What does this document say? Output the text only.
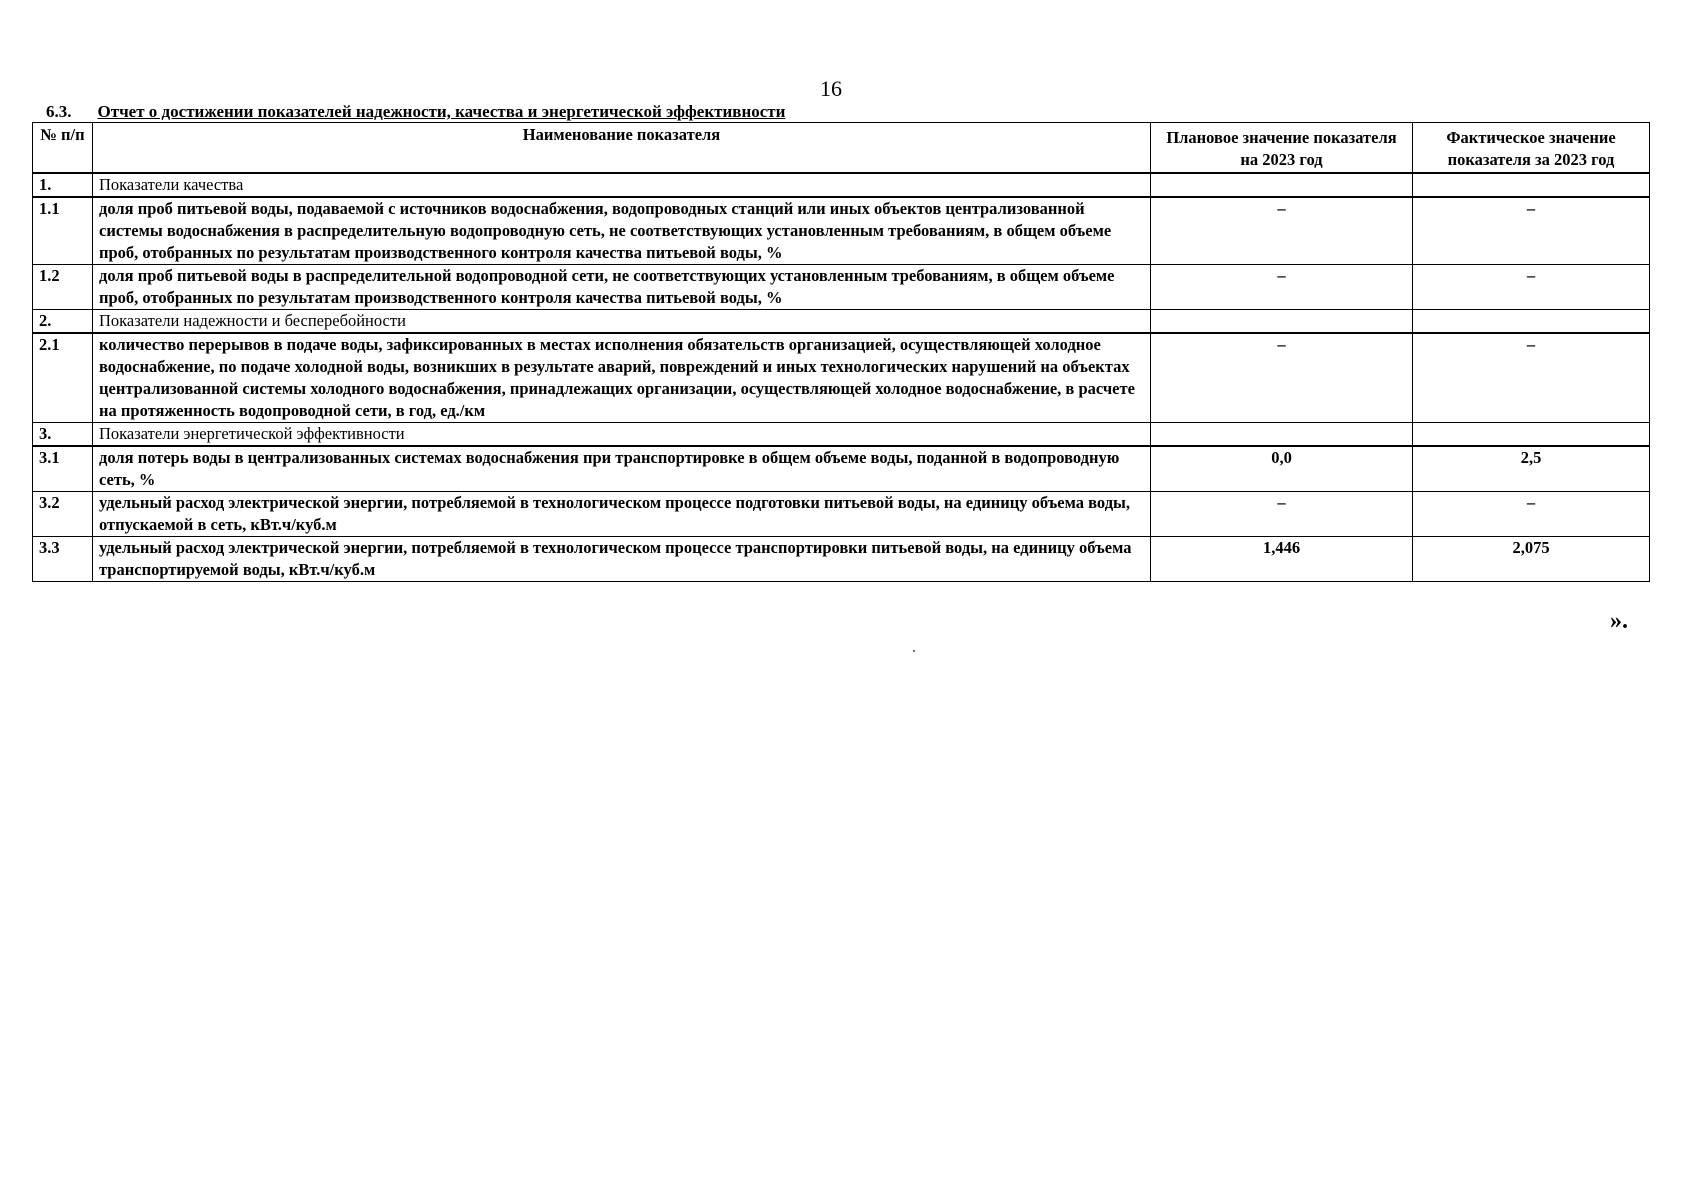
16
6.3. Отчет о достижении показателей надежности, качества и энергетической эффективности
№ п/п	Наименование показателя	Плановое значение показателя на 2023 год	Фактическое значение показателя за 2023 год
1.	Показатели качества		
1.1	доля проб питьевой воды, подаваемой с источников водоснабжения, водопроводных станций или иных объектов централизованной системы водоснабжения в распределительную водопроводную сеть, не соответствующих установленным требованиям, в общем объеме проб, отобранных по результатам производственного контроля качества питьевой воды, %	–	–
1.2	доля проб питьевой воды в распределительной водопроводной сети, не соответствующих установленным требованиям, в общем объеме проб, отобранных по результатам производственного контроля качества питьевой воды, %	–	–
2.	Показатели надежности и бесперебойности		
2.1	количество перерывов в подаче воды, зафиксированных в местах исполнения обязательств организацией, осуществляющей холодное водоснабжение, по подаче холодной воды, возникших в результате аварий, повреждений и иных технологических нарушений на объектах централизованной системы холодного водоснабжения, принадлежащих организации, осуществляющей холодное водоснабжение, в расчете на протяженность водопроводной сети, в год, ед./км	–	–
3.	Показатели энергетической эффективности		
3.1	доля потерь воды в централизованных системах водоснабжения при транспортировке в общем объеме воды, поданной в водопроводную сеть, %	0,0	2,5
3.2	удельный расход электрической энергии, потребляемой в технологическом процессе подготовки питьевой воды, на единицу объема воды, отпускаемой в сеть, кВт.ч/куб.м	–	–
3.3	удельный расход электрической энергии, потребляемой в технологическом процессе транспортировки питьевой воды, на единицу объема транспортируемой воды, кВт.ч/куб.м	1,446	2,075
».
